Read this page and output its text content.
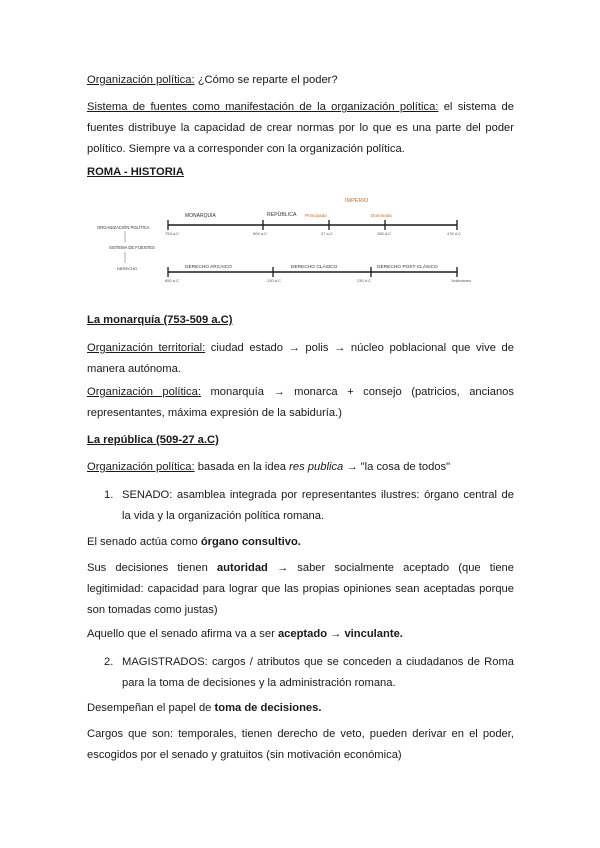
Organización política: ¿Cómo se reparte el poder?

Sistema de fuentes como manifestación de la organización política: el sistema de fuentes distribuye la capacidad de crear normas por lo que es una parte del poder político. Siempre va a corresponder con la organización política.

ROMA - HISTORIA

IMPERIO
ORGANIZACIÓN POLÍTICA
SISTEMA DE FUENTES
DERECHO
MONARQUÍA	REPÚBLICA Principado	Dominado
753 a.C	509 a.C	27 a.C	285 d.C	476 d.C
DERECHO ARCAICO	DERECHO CLÁSICO	DERECHO POST-CLÁSICO
850 a.C	130 a.C	230 d.C	Justinianeo

La monarquía (753-509 a.C)

Organización territorial: ciudad estado → polis → núcleo poblacional que vive de manera autónoma.

Organización política: monarquía → monarca + consejo (patricios, ancianos representantes, máxima expresión de la sabiduría.)

La república (509-27 a.C)

Organización política: basada en la idea res publica → "la cosa de todos"

1. SENADO: asamblea integrada por representantes ilustres: órgano central de la vida y la organización política romana.

El senado actúa como órgano consultivo.

Sus decisiones tienen autoridad → saber socialmente aceptado (que tiene legitimidad: capacidad para lograr que las propias opiniones sean aceptadas porque son tomadas como justas)

Aquello que el senado afirma va a ser aceptado → vinculante.

2. MAGISTRADOS: cargos / atributos que se conceden a ciudadanos de Roma para la toma de decisiones y la administración romana.

Desempeñan el papel de toma de decisiones.

Cargos que son: temporales, tienen derecho de veto, pueden derivar en el poder, escogidos por el senado y gratuitos (sin motivación económica)
